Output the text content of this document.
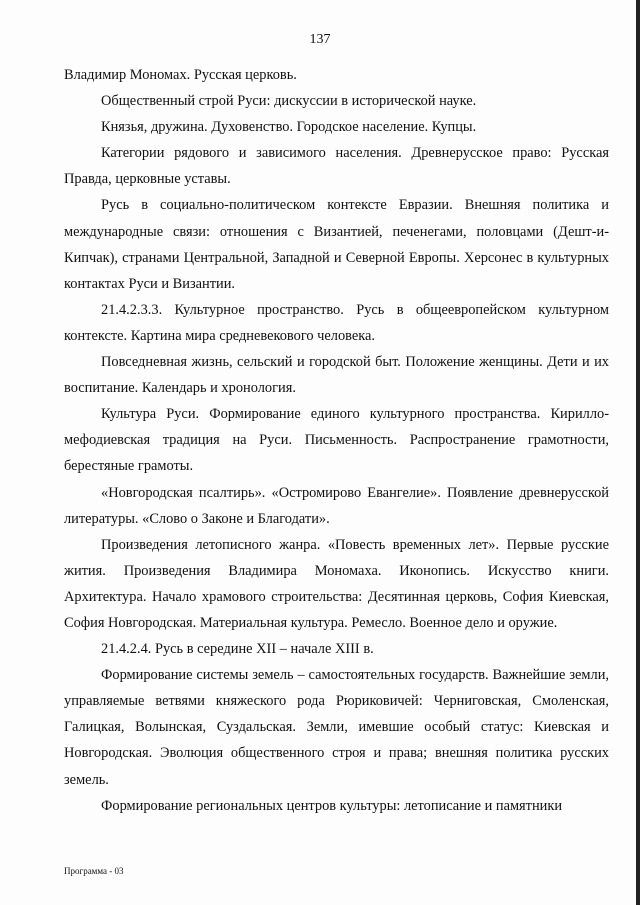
137

Владимир Мономах. Русская церковь.

Общественный строй Руси: дискуссии в исторической науке.

Князья, дружина. Духовенство. Городское население. Купцы.

Категории рядового и зависимого населения. Древнерусское право: Русская Правда, церковные уставы.

Русь в социально-политическом контексте Евразии. Внешняя политика и международные связи: отношения с Византией, печенегами, половцами (Дешт-и-Кипчак), странами Центральной, Западной и Северной Европы. Херсонес в культурных контактах Руси и Византии.

21.4.2.3.3. Культурное пространство. Русь в общеевропейском культурном контексте. Картина мира средневекового человека.

Повседневная жизнь, сельский и городской быт. Положение женщины. Дети и их воспитание. Календарь и хронология.

Культура Руси. Формирование единого культурного пространства. Кирилло-мефодиевская традиция на Руси. Письменность. Распространение грамотности, берестяные грамоты.

«Новгородская псалтирь». «Остромирово Евангелие». Появление древнерусской литературы. «Слово о Законе и Благодати».

Произведения летописного жанра. «Повесть временных лет». Первые русские жития. Произведения Владимира Мономаха. Иконопись. Искусство книги. Архитектура. Начало храмового строительства: Десятинная церковь, София Киевская, София Новгородская. Материальная культура. Ремесло. Военное дело и оружие.

21.4.2.4. Русь в середине XII – начале XIII в.

Формирование системы земель – самостоятельных государств. Важнейшие земли, управляемые ветвями княжеского рода Рюриковичей: Черниговская, Смоленская, Галицкая, Волынская, Суздальская. Земли, имевшие особый статус: Киевская и Новгородская. Эволюция общественного строя и права; внешняя политика русских земель.

Формирование региональных центров культуры: летописание и памятники

Программа - 03
